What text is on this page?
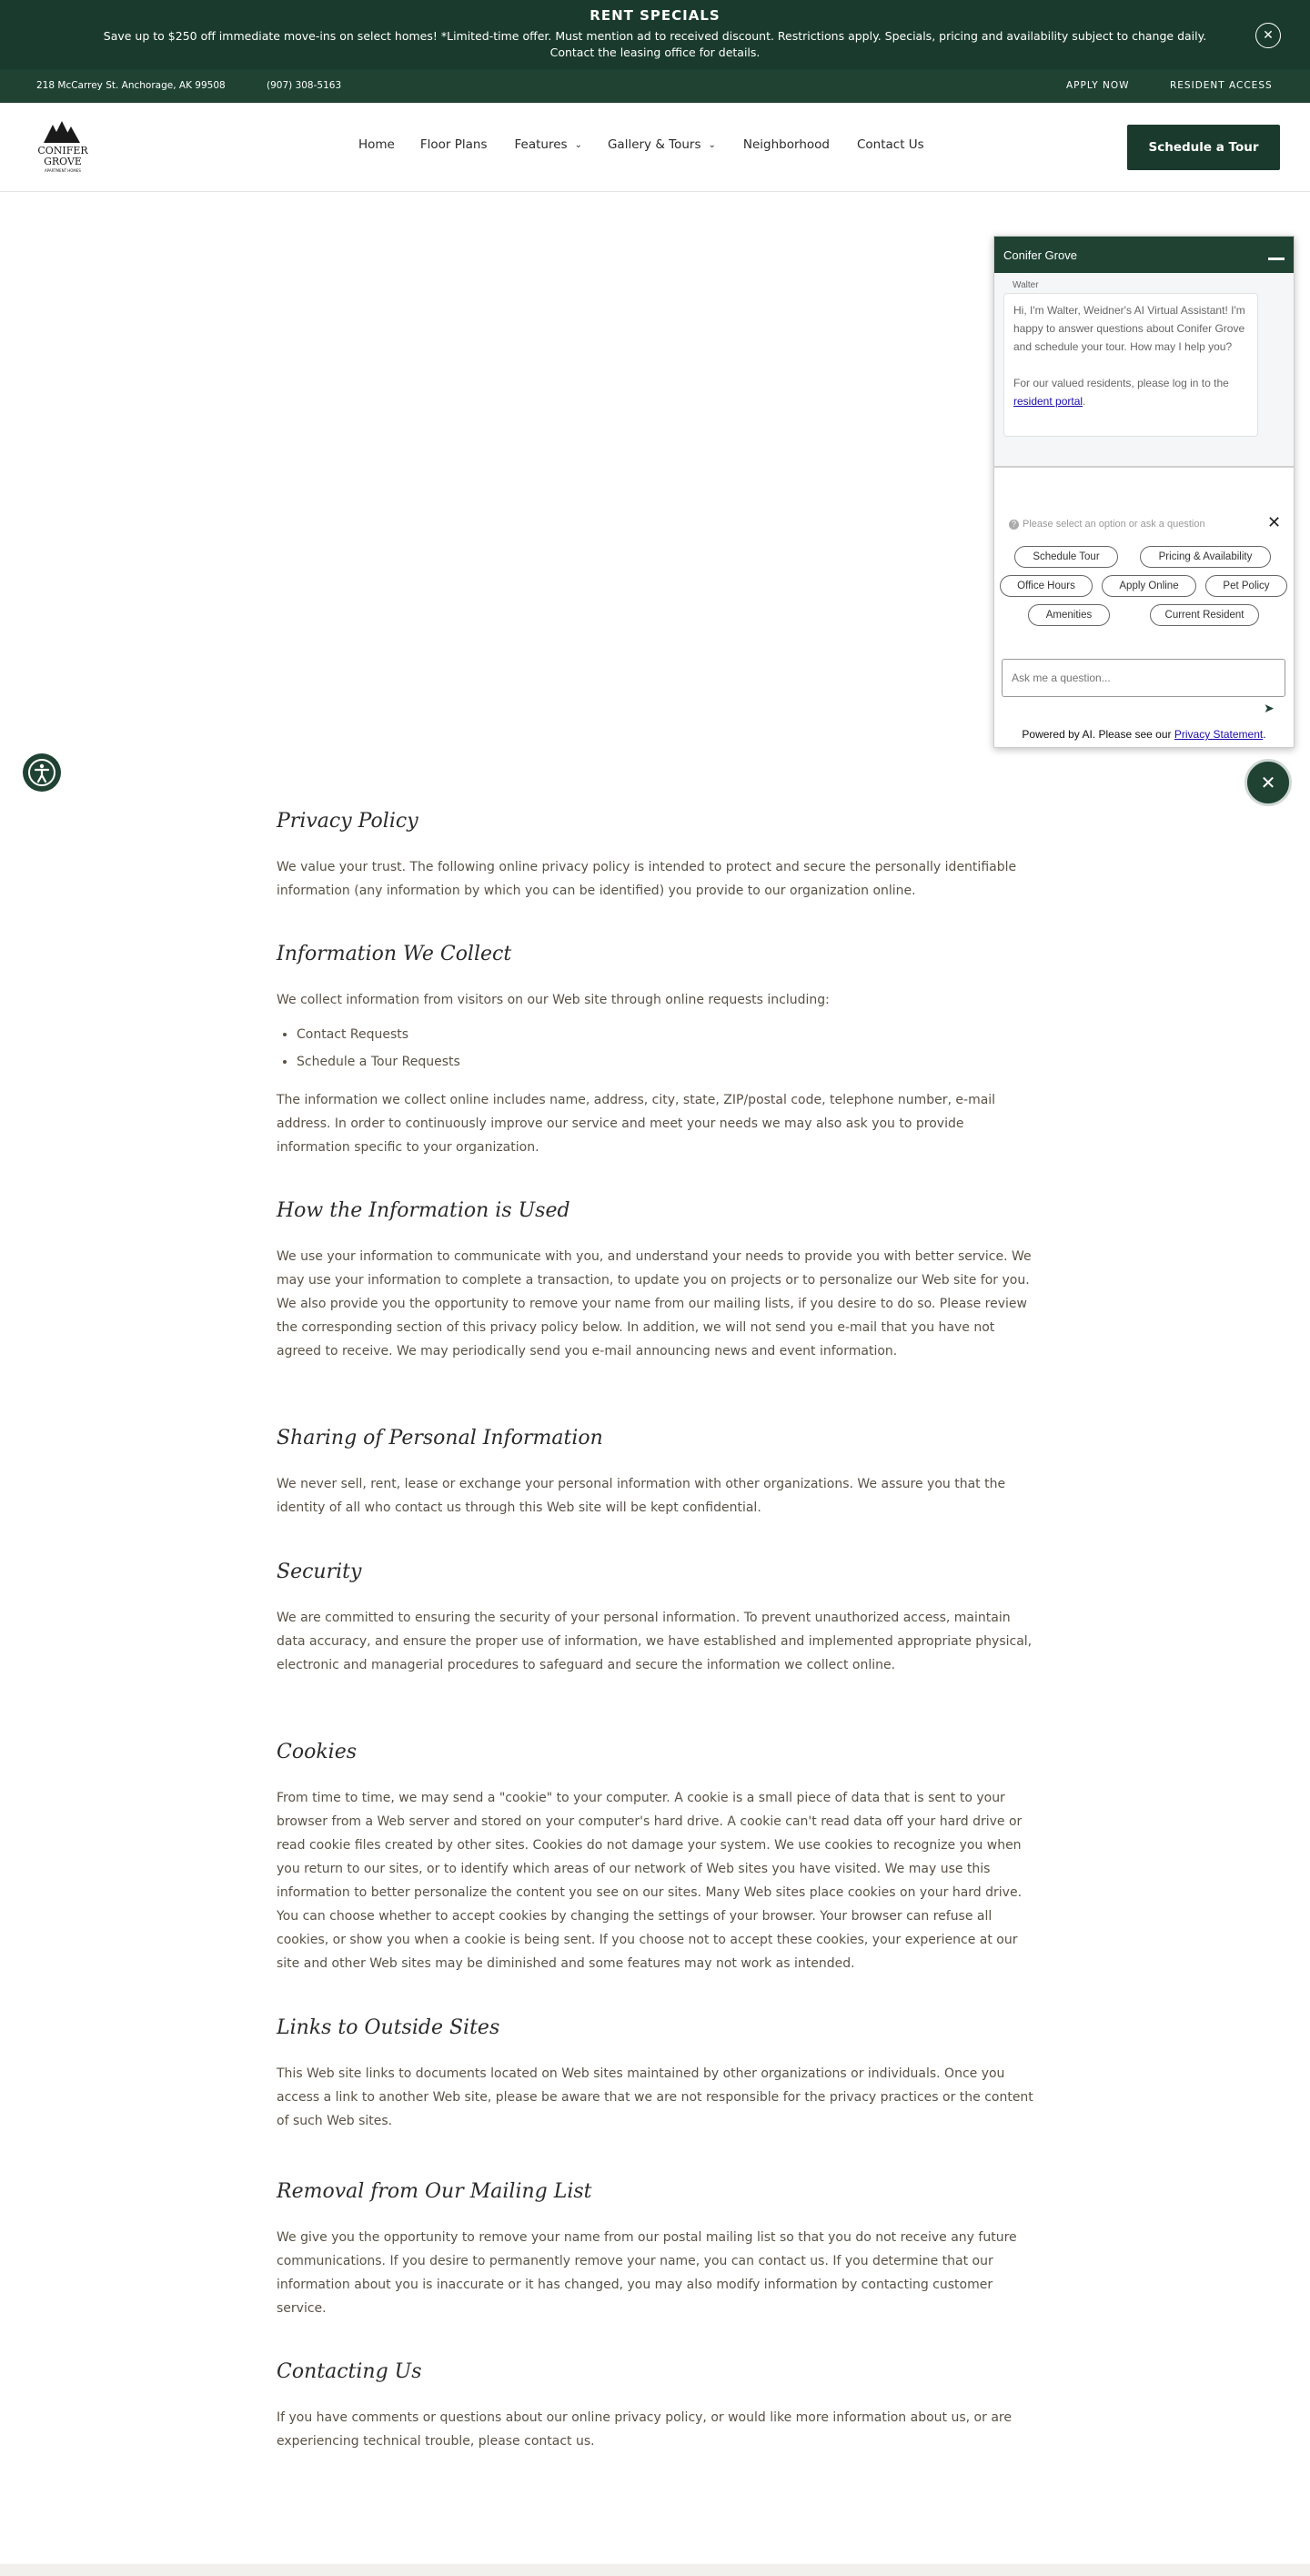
RENT SPECIALS
Save up to $250 off immediate move-ins on select homes! *Limited-time offer. Must mention ad to received discount. Restrictions apply. Specials, pricing and availability subject to change daily. Contact the leasing office for details.
✕
218 McCarrey St. Anchorage, AK 99508	(907) 308-5163	APPLY NOW	RESIDENT ACCESS
CONIFER
GROVE
APARTMENT HOMES
Home Floor Plans Features ⌄ Gallery & Tours ⌄ Neighborhood Contact Us	Schedule a Tour
Conifer Grove
Walter
Hi, I'm Walter, Weidner's AI Virtual Assistant! I'm happy to answer questions about Conifer Grove and schedule your tour. How may I help you?
For our valued residents, please log in to the resident portal.
? Please select an option or ask a question	✕
Schedule Tour	Pricing & Availability
Office Hours	Apply Online	Pet Policy
Amenities	Current Resident
Ask me a question...
➤
Powered by AI. Please see our Privacy Statement.
✕
Privacy Policy

We value your trust. The following online privacy policy is intended to protect and secure the personally identifiable information (any information by which you can be identified) you provide to our organization online.

Information We Collect

We collect information from visitors on our Web site through online requests including:

• Contact Requests
• Schedule a Tour Requests

The information we collect online includes name, address, city, state, ZIP/postal code, telephone number, e-mail address. In order to continuously improve our service and meet your needs we may also ask you to provide information specific to your organization.

How the Information is Used

We use your information to communicate with you, and understand your needs to provide you with better service. We may use your information to complete a transaction, to update you on projects or to personalize our Web site for you. We also provide you the opportunity to remove your name from our mailing lists, if you desire to do so. Please review the corresponding section of this privacy policy below. In addition, we will not send you e-mail that you have not agreed to receive. We may periodically send you e-mail announcing news and event information.

Sharing of Personal Information

We never sell, rent, lease or exchange your personal information with other organizations. We assure you that the identity of all who contact us through this Web site will be kept confidential.

Security

We are committed to ensuring the security of your personal information. To prevent unauthorized access, maintain data accuracy, and ensure the proper use of information, we have established and implemented appropriate physical, electronic and managerial procedures to safeguard and secure the information we collect online.

Cookies

From time to time, we may send a "cookie" to your computer. A cookie is a small piece of data that is sent to your browser from a Web server and stored on your computer's hard drive. A cookie can't read data off your hard drive or read cookie files created by other sites. Cookies do not damage your system. We use cookies to recognize you when you return to our sites, or to identify which areas of our network of Web sites you have visited. We may use this information to better personalize the content you see on our sites. Many Web sites place cookies on your hard drive. You can choose whether to accept cookies by changing the settings of your browser. Your browser can refuse all cookies, or show you when a cookie is being sent. If you choose not to accept these cookies, your experience at our site and other Web sites may be diminished and some features may not work as intended.

Links to Outside Sites

This Web site links to documents located on Web sites maintained by other organizations or individuals. Once you access a link to another Web site, please be aware that we are not responsible for the privacy practices or the content of such Web sites.

Removal from Our Mailing List

We give you the opportunity to remove your name from our postal mailing list so that you do not receive any future communications. If you desire to permanently remove your name, you can contact us. If you determine that our information about you is inaccurate or it has changed, you may also modify information by contacting customer service.

Contacting Us

If you have comments or questions about our online privacy policy, or would like more information about us, or are experiencing technical trouble, please contact us.
